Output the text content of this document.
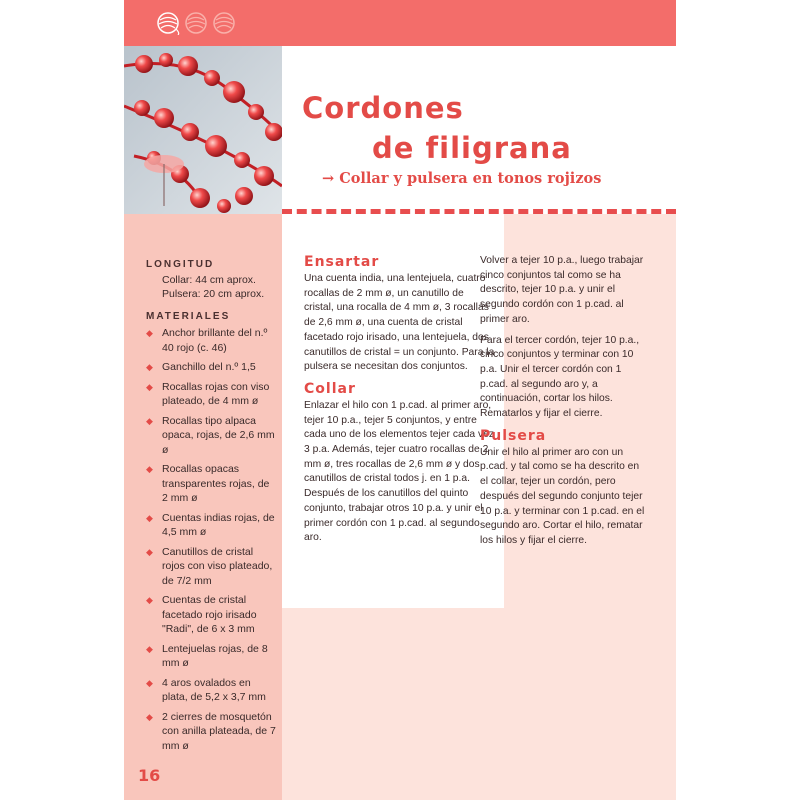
Cordones
de filigrana
→ Collar y pulsera en tonos rojizos
LONGITUD
Collar: 44 cm aprox.
Pulsera: 20 cm aprox.
MATERIALES
◆ Anchor brillante del n.º 40 rojo (c. 46)
◆ Ganchillo del n.º 1,5
◆ Rocallas rojas con viso plateado, de 4 mm ø
◆ Rocallas tipo alpaca opaca, rojas, de 2,6 mm ø
◆ Rocallas opacas transparentes rojas, de 2 mm ø
◆ Cuentas indias rojas, de 4,5 mm ø
◆ Canutillos de cristal rojos con viso plateado, de 7/2 mm
◆ Cuentas de cristal facetado rojo irisado "Radi", de 6 x 3 mm
◆ Lentejuelas rojas, de 8 mm ø
◆ 4 aros ovalados en plata, de 5,2 x 3,7 mm
◆ 2 cierres de mosquetón con anilla plateada, de 7 mm ø
16
Ensartar

Una cuenta india, una lentejuela, cuatro rocallas de 2 mm ø, un canutillo de cristal, una rocalla de 4 mm ø, 3 rocallas de 2,6 mm ø, una cuenta de cristal facetado rojo irisado, una lentejuela, dos canutillos de cristal = un conjunto. Para la pulsera se necesitan dos conjuntos.

Collar

Enlazar el hilo con 1 p.cad. al primer aro, tejer 10 p.a., tejer 5 conjuntos, y entre cada uno de los elementos tejer cada vez 3 p.a. Además, tejer cuatro rocallas de 2 mm ø, tres rocallas de 2,6 mm ø y dos canutillos de cristal todos j. en 1 p.a. Después de los canutillos del quinto conjunto, trabajar otros 10 p.a. y unir el primer cordón con 1 p.cad. al segundo aro.

Volver a tejer 10 p.a., luego trabajar cinco conjuntos tal como se ha descrito, tejer 10 p.a. y unir el segundo cordón con 1 p.cad. al primer aro.

Para el tercer cordón, tejer 10 p.a., cinco conjuntos y terminar con 10 p.a. Unir el tercer cordón con 1 p.cad. al segundo aro y, a continuación, cortar los hilos. Rematarlos y fijar el cierre.

Pulsera

Unir el hilo al primer aro con un p.cad. y tal como se ha descrito en el collar, tejer un cordón, pero después del segundo conjunto tejer 10 p.a. y terminar con 1 p.cad. en el segundo aro. Cortar el hilo, rematar los hilos y fijar el cierre.
